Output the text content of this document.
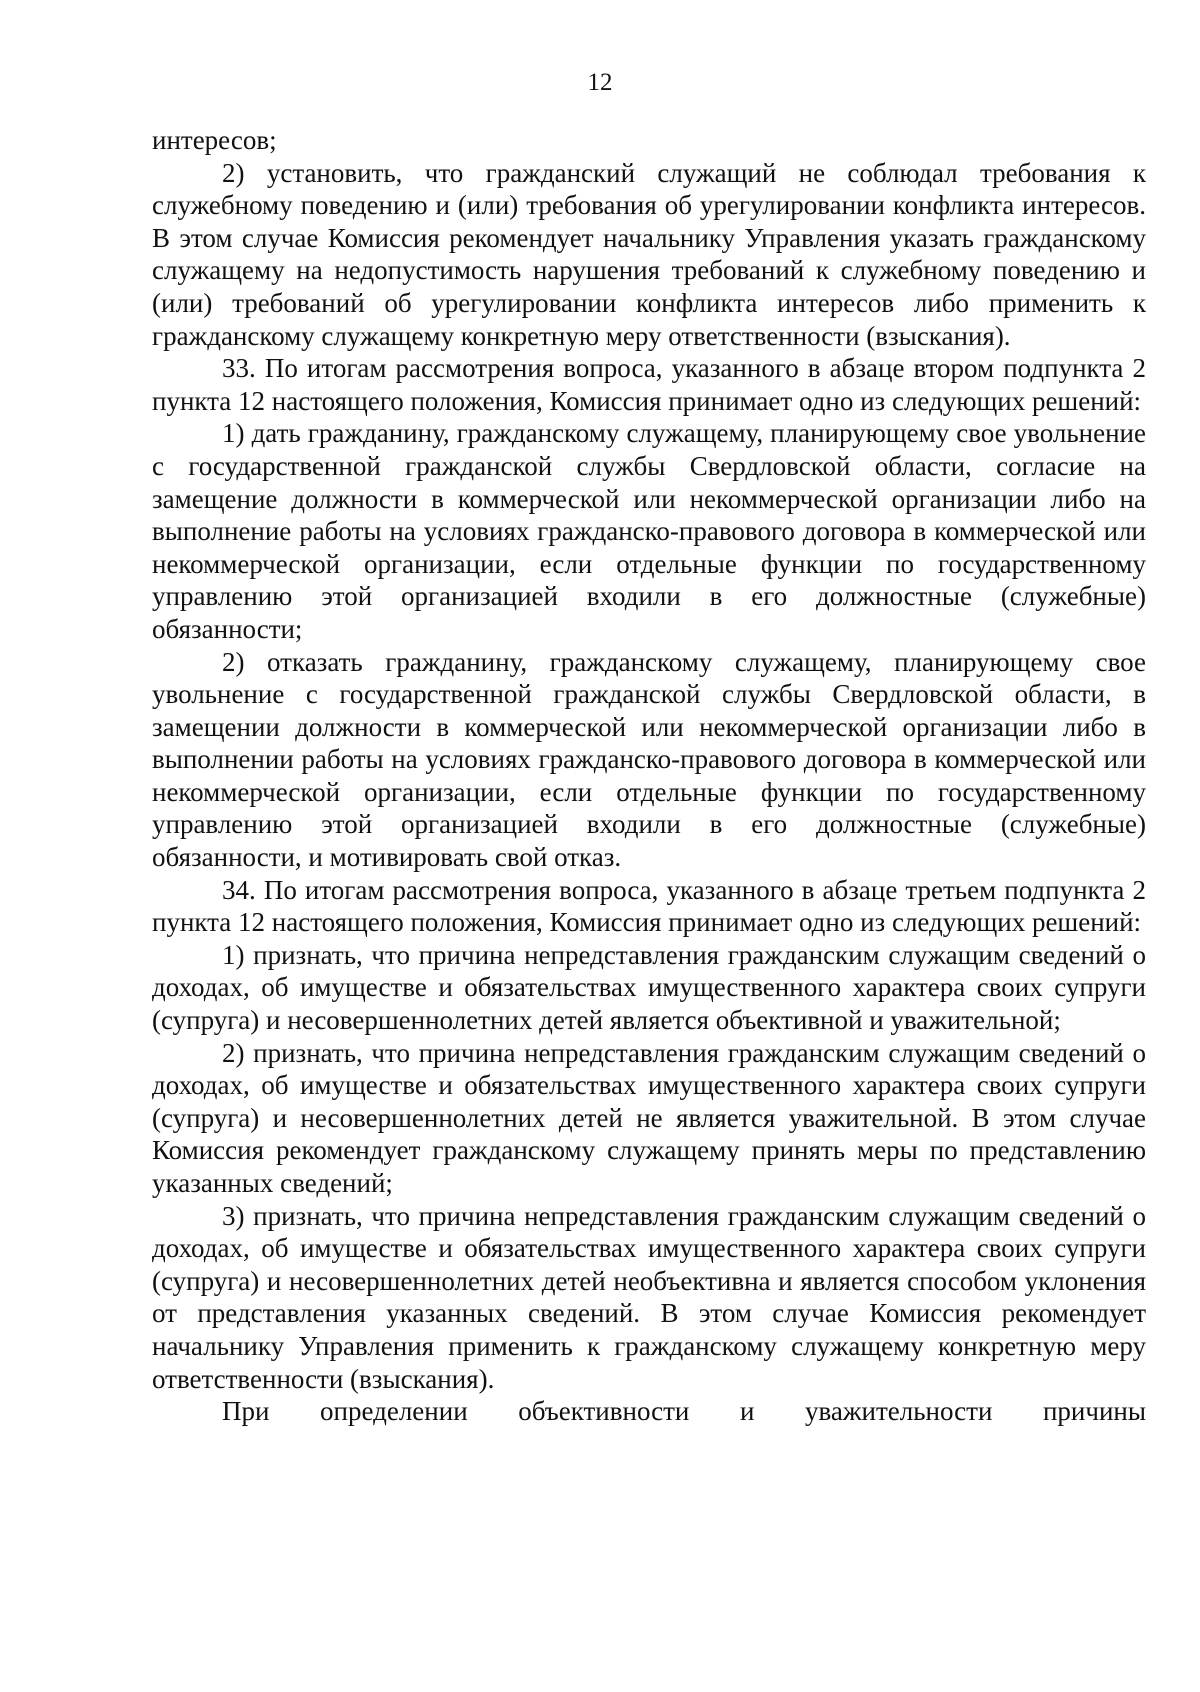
12

интересов;

2) установить, что гражданский служащий не соблюдал требования к служебному поведению и (или) требования об урегулировании конфликта интересов. В этом случае Комиссия рекомендует начальнику Управления указать гражданскому служащему на недопустимость нарушения требований к служебному поведению и (или) требований об урегулировании конфликта интересов либо применить к гражданскому служащему конкретную меру ответственности (взыскания).

33. По итогам рассмотрения вопроса, указанного в абзаце втором подпункта 2 пункта 12 настоящего положения, Комиссия принимает одно из следующих решений:

1) дать гражданину, гражданскому служащему, планирующему свое увольнение с государственной гражданской службы Свердловской области, согласие на замещение должности в коммерческой или некоммерческой организации либо на выполнение работы на условиях гражданско-правового договора в коммерческой или некоммерческой организации, если отдельные функции по государственному управлению этой организацией входили в его должностные (служебные) обязанности;

2) отказать гражданину, гражданскому служащему, планирующему свое увольнение с государственной гражданской службы Свердловской области, в замещении должности в коммерческой или некоммерческой организации либо в выполнении работы на условиях гражданско-правового договора в коммерческой или некоммерческой организации, если отдельные функции по государственному управлению этой организацией входили в его должностные (служебные) обязанности, и мотивировать свой отказ.

34. По итогам рассмотрения вопроса, указанного в абзаце третьем подпункта 2 пункта 12 настоящего положения, Комиссия принимает одно из следующих решений:

1) признать, что причина непредставления гражданским служащим сведений о доходах, об имуществе и обязательствах имущественного характера своих супруги (супруга) и несовершеннолетних детей является объективной и уважительной;

2) признать, что причина непредставления гражданским служащим сведений о доходах, об имуществе и обязательствах имущественного характера своих супруги (супруга) и несовершеннолетних детей не является уважительной. В этом случае Комиссия рекомендует гражданскому служащему принять меры по представлению указанных сведений;

3) признать, что причина непредставления гражданским служащим сведений о доходах, об имуществе и обязательствах имущественного характера своих супруги (супруга) и несовершеннолетних детей необъективна и является способом уклонения от представления указанных сведений. В этом случае Комиссия рекомендует начальнику Управления применить к гражданскому служащему конкретную меру ответственности (взыскания).

При определении объективности и уважительности причины
